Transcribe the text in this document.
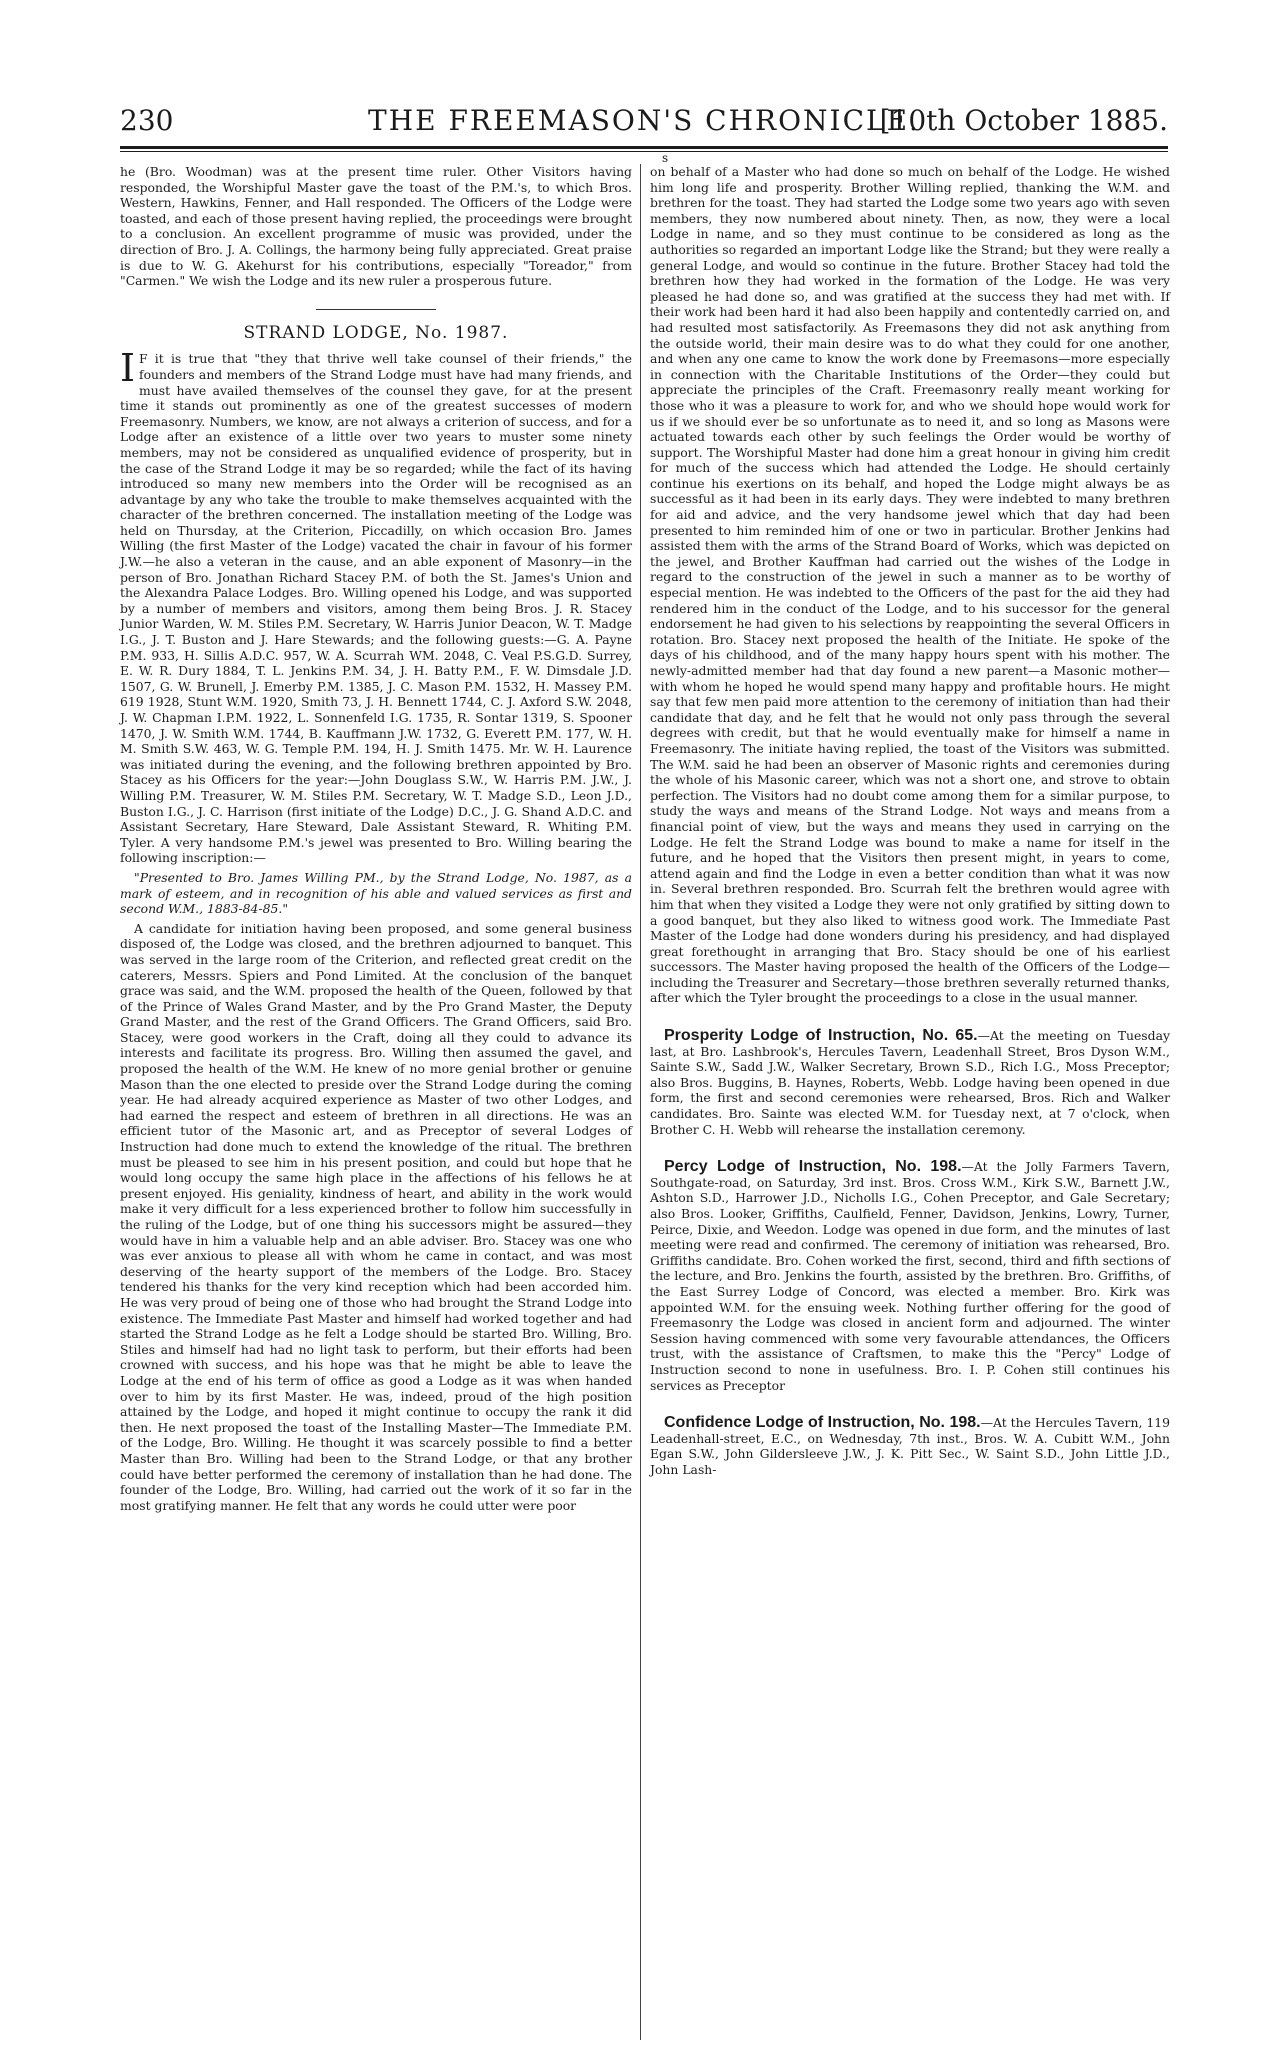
230	THE FREEMASON'S CHRONICLE.
[10th October 1885.
s

he (Bro. Woodman) was at the present time ruler. Other Visitors having responded, the Worshipful Master gave the toast of the P.M.'s, to which Bros. Western, Hawkins, Fenner, and Hall responded. The Officers of the Lodge were toasted, and each of those present having replied, the proceedings were brought to a conclusion. An excellent programme of music was provided, under the direction of Bro. J. A. Collings, the harmony being fully appreciated. Great praise is due to W. G. Akehurst for his contributions, especially "Toreador," from "Carmen." We wish the Lodge and its new ruler a prosperous future.

STRAND LODGE, No. 1987.
I F it is true that "they that thrive well take counsel of their friends," the founders and members of the Strand Lodge must have had many friends, and must have availed themselves of the counsel they gave, for at the present time it stands out prominently as one of the greatest successes of modern Freemasonry. Numbers, we know, are not always a criterion of success, and for a Lodge after an existence of a little over two years to muster some ninety members, may not be considered as unqualified evidence of prosperity, but in the case of the Strand Lodge it may be so regarded; while the fact of its having introduced so many new members into the Order will be recognised as an advantage by any who take the trouble to make themselves acquainted with the character of the brethren concerned. The installation meeting of the Lodge was held on Thursday, at the Criterion, Piccadilly, on which occasion Bro. James Willing (the first Master of the Lodge) vacated the chair in favour of his former J.W.—he also a veteran in the cause, and an able exponent of Masonry—in the person of Bro. Jonathan Richard Stacey P.M. of both the St. James's Union and the Alexandra Palace Lodges. Bro. Willing opened his Lodge, and was supported by a number of members and visitors, among them being Bros. J. R. Stacey Junior Warden, W. M. Stiles P.M. Secretary, W. Harris Junior Deacon, W. T. Madge I.G., J. T. Buston and J. Hare Stewards; and the following guests:—G. A. Payne P.M. 933, H. Sillis A.D.C. 957, W. A. Scurrah WM. 2048, C. Veal P.S.G.D. Surrey, E. W. R. Dury 1884, T. L. Jenkins P.M. 34, J. H. Batty P.M., F. W. Dimsdale J.D. 1507, G. W. Brunell, J. Emerby P.M. 1385, J. C. Mason P.M. 1532, H. Massey P.M. 619 1928, Stunt W.M. 1920, Smith 73, J. H. Bennett 1744, C. J. Axford S.W. 2048, J. W. Chapman I.P.M. 1922, L. Sonnenfeld I.G. 1735, R. Sontar 1319, S. Spooner 1470, J. W. Smith W.M. 1744, B. Kauffmann J.W. 1732, G. Everett P.M. 177, W. H. M. Smith S.W. 463, W. G. Temple P.M. 194, H. J. Smith 1475. Mr. W. H. Laurence was initiated during the evening, and the following brethren appointed by Bro. Stacey as his Officers for the year:—John Douglass S.W., W. Harris P.M. J.W., J. Willing P.M. Treasurer, W. M. Stiles P.M. Secretary, W. T. Madge S.D., Leon J.D., Buston I.G., J. C. Harrison (first initiate of the Lodge) D.C., J. G. Shand A.D.C. and Assistant Secretary, Hare Steward, Dale Assistant Steward, R. Whiting P.M. Tyler. A very handsome P.M.'s jewel was presented to Bro. Willing bearing the following inscription:—

"Presented to Bro. James Willing PM., by the Strand Lodge, No. 1987, as a mark of esteem, and in recognition of his able and valued services as first and second W.M., 1883-84-85."

A candidate for initiation having been proposed, and some general business disposed of, the Lodge was closed, and the brethren adjourned to banquet. This was served in the large room of the Criterion, and reflected great credit on the caterers, Messrs. Spiers and Pond Limited. At the conclusion of the banquet grace was said, and the W.M. proposed the health of the Queen, followed by that of the Prince of Wales Grand Master, and by the Pro Grand Master, the Deputy Grand Master, and the rest of the Grand Officers. The Grand Officers, said Bro. Stacey, were good workers in the Craft, doing all they could to advance its interests and facilitate its progress. Bro. Willing then assumed the gavel, and proposed the health of the W.M. He knew of no more genial brother or genuine Mason than the one elected to preside over the Strand Lodge during the coming year. He had already acquired experience as Master of two other Lodges, and had earned the respect and esteem of brethren in all directions. He was an efficient tutor of the Masonic art, and as Preceptor of several Lodges of Instruction had done much to extend the knowledge of the ritual. The brethren must be pleased to see him in his present position, and could but hope that he would long occupy the same high place in the affections of his fellows he at present enjoyed. His geniality, kindness of heart, and ability in the work would make it very difficult for a less experienced brother to follow him successfully in the ruling of the Lodge, but of one thing his successors might be assured—they would have in him a valuable help and an able adviser. Bro. Stacey was one who was ever anxious to please all with whom he came in contact, and was most deserving of the hearty support of the members of the Lodge. Bro. Stacey tendered his thanks for the very kind reception which had been accorded him. He was very proud of being one of those who had brought the Strand Lodge into existence. The Immediate Past Master and himself had worked together and had started the Strand Lodge as he felt a Lodge should be started Bro. Willing, Bro. Stiles and himself had had no light task to perform, but their efforts had been crowned with success, and his hope was that he might be able to leave the Lodge at the end of his term of office as good a Lodge as it was when handed over to him by its first Master. He was, indeed, proud of the high position attained by the Lodge, and hoped it might continue to occupy the rank it did then. He next proposed the toast of the Installing Master—The Immediate P.M. of the Lodge, Bro. Willing. He thought it was scarcely possible to find a better Master than Bro. Willing had been to the Strand Lodge, or that any brother could have better performed the ceremony of installation than he had done. The founder of the Lodge, Bro. Willing, had carried out the work of it so far in the most gratifying manner. He felt that any words he could utter were poor

on behalf of a Master who had done so much on behalf of the Lodge. He wished him long life and prosperity. Brother Willing replied, thanking the W.M. and brethren for the toast. They had started the Lodge some two years ago with seven members, they now numbered about ninety. Then, as now, they were a local Lodge in name, and so they must continue to be considered as long as the authorities so regarded an important Lodge like the Strand; but they were really a general Lodge, and would so continue in the future. Brother Stacey had told the brethren how they had worked in the formation of the Lodge. He was very pleased he had done so, and was gratified at the success they had met with. If their work had been hard it had also been happily and contentedly carried on, and had resulted most satisfactorily. As Freemasons they did not ask anything from the outside world, their main desire was to do what they could for one another, and when any one came to know the work done by Freemasons—more especially in connection with the Charitable Institutions of the Order—they could but appreciate the principles of the Craft. Freemasonry really meant working for those who it was a pleasure to work for, and who we should hope would work for us if we should ever be so unfortunate as to need it, and so long as Masons were actuated towards each other by such feelings the Order would be worthy of support. The Worshipful Master had done him a great honour in giving him credit for much of the success which had attended the Lodge. He should certainly continue his exertions on its behalf, and hoped the Lodge might always be as successful as it had been in its early days. They were indebted to many brethren for aid and advice, and the very handsome jewel which that day had been presented to him reminded him of one or two in particular. Brother Jenkins had assisted them with the arms of the Strand Board of Works, which was depicted on the jewel, and Brother Kauffman had carried out the wishes of the Lodge in regard to the construction of the jewel in such a manner as to be worthy of especial mention. He was indebted to the Officers of the past for the aid they had rendered him in the conduct of the Lodge, and to his successor for the general endorsement he had given to his selections by reappointing the several Officers in rotation. Bro. Stacey next proposed the health of the Initiate. He spoke of the days of his childhood, and of the many happy hours spent with his mother. The newly-admitted member had that day found a new parent—a Masonic mother—with whom he hoped he would spend many happy and profitable hours. He might say that few men paid more attention to the ceremony of initiation than had their candidate that day, and he felt that he would not only pass through the several degrees with credit, but that he would eventually make for himself a name in Freemasonry. The initiate having replied, the toast of the Visitors was submitted. The W.M. said he had been an observer of Masonic rights and ceremonies during the whole of his Masonic career, which was not a short one, and strove to obtain perfection. The Visitors had no doubt come among them for a similar purpose, to study the ways and means of the Strand Lodge. Not ways and means from a financial point of view, but the ways and means they used in carrying on the Lodge. He felt the Strand Lodge was bound to make a name for itself in the future, and he hoped that the Visitors then present might, in years to come, attend again and find the Lodge in even a better condition than what it was now in. Several brethren responded. Bro. Scurrah felt the brethren would agree with him that when they visited a Lodge they were not only gratified by sitting down to a good banquet, but they also liked to witness good work. The Immediate Past Master of the Lodge had done wonders during his presidency, and had displayed great forethought in arranging that Bro. Stacy should be one of his earliest successors. The Master having proposed the health of the Officers of the Lodge—including the Treasurer and Secretary—those brethren severally returned thanks, after which the Tyler brought the proceedings to a close in the usual manner.

Prosperity Lodge of Instruction, No. 65.—At the meeting on Tuesday last, at Bro. Lashbrook's, Hercules Tavern, Leadenhall Street, Bros Dyson W.M., Sainte S.W., Sadd J.W., Walker Secretary, Brown S.D., Rich I.G., Moss Preceptor; also Bros. Buggins, B. Haynes, Roberts, Webb. Lodge having been opened in due form, the first and second ceremonies were rehearsed, Bros. Rich and Walker candidates. Bro. Sainte was elected W.M. for Tuesday next, at 7 o'clock, when Brother C. H. Webb will rehearse the installation ceremony.

Percy Lodge of Instruction, No. 198.—At the Jolly Farmers Tavern, Southgate-road, on Saturday, 3rd inst. Bros. Cross W.M., Kirk S.W., Barnett J.W., Ashton S.D., Harrower J.D., Nicholls I.G., Cohen Preceptor, and Gale Secretary; also Bros. Looker, Griffiths, Caulfield, Fenner, Davidson, Jenkins, Lowry, Turner, Peirce, Dixie, and Weedon. Lodge was opened in due form, and the minutes of last meeting were read and confirmed. The ceremony of initiation was rehearsed, Bro. Griffiths candidate. Bro. Cohen worked the first, second, third and fifth sections of the lecture, and Bro. Jenkins the fourth, assisted by the brethren. Bro. Griffiths, of the East Surrey Lodge of Concord, was elected a member. Bro. Kirk was appointed W.M. for the ensuing week. Nothing further offering for the good of Freemasonry the Lodge was closed in ancient form and adjourned. The winter Session having commenced with some very favourable attendances, the Officers trust, with the assistance of Craftsmen, to make this the "Percy" Lodge of Instruction second to none in usefulness. Bro. I. P. Cohen still continues his services as Preceptor

Confidence Lodge of Instruction, No. 198.—At the Hercules Tavern, 119 Leadenhall-street, E.C., on Wednesday, 7th inst., Bros. W. A. Cubitt W.M., John Egan S.W., John Gildersleeve J.W., J. K. Pitt Sec., W. Saint S.D., John Little J.D., John Lash-
